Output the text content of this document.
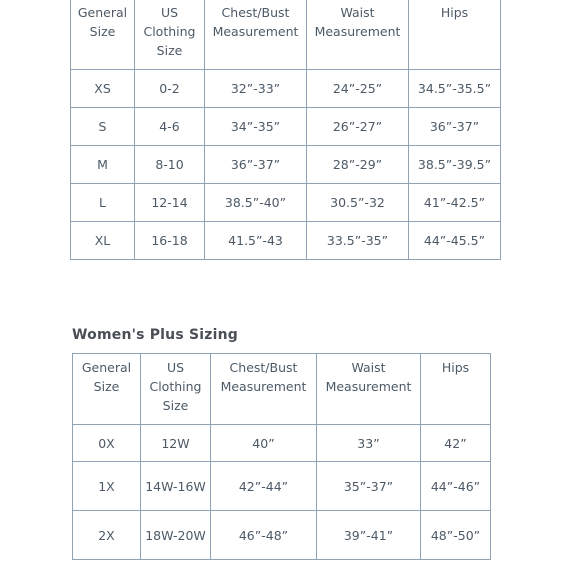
General Size	US Clothing Size	Chest/Bust Measurement	Waist Measurement	Hips
XS	0-2	32”-33”	24”-25”	34.5”-35.5”
S	4-6	34”-35”	26”-27”	36”-37”
M	8-10	36”-37”	28”-29”	38.5”-39.5”
L	12-14	38.5”-40”	30.5”-32	41”-42.5”
XL	16-18	41.5”-43	33.5”-35”	44”-45.5”
Women's Plus Sizing
General Size	US Clothing Size	Chest/Bust Measurement	Waist Measurement	Hips
0X	12W	40”	33”	42”
1X	14W-16W	42”-44”	35”-37”	44”-46”
2X	18W-20W	46”-48”	39”-41”	48”-50”
